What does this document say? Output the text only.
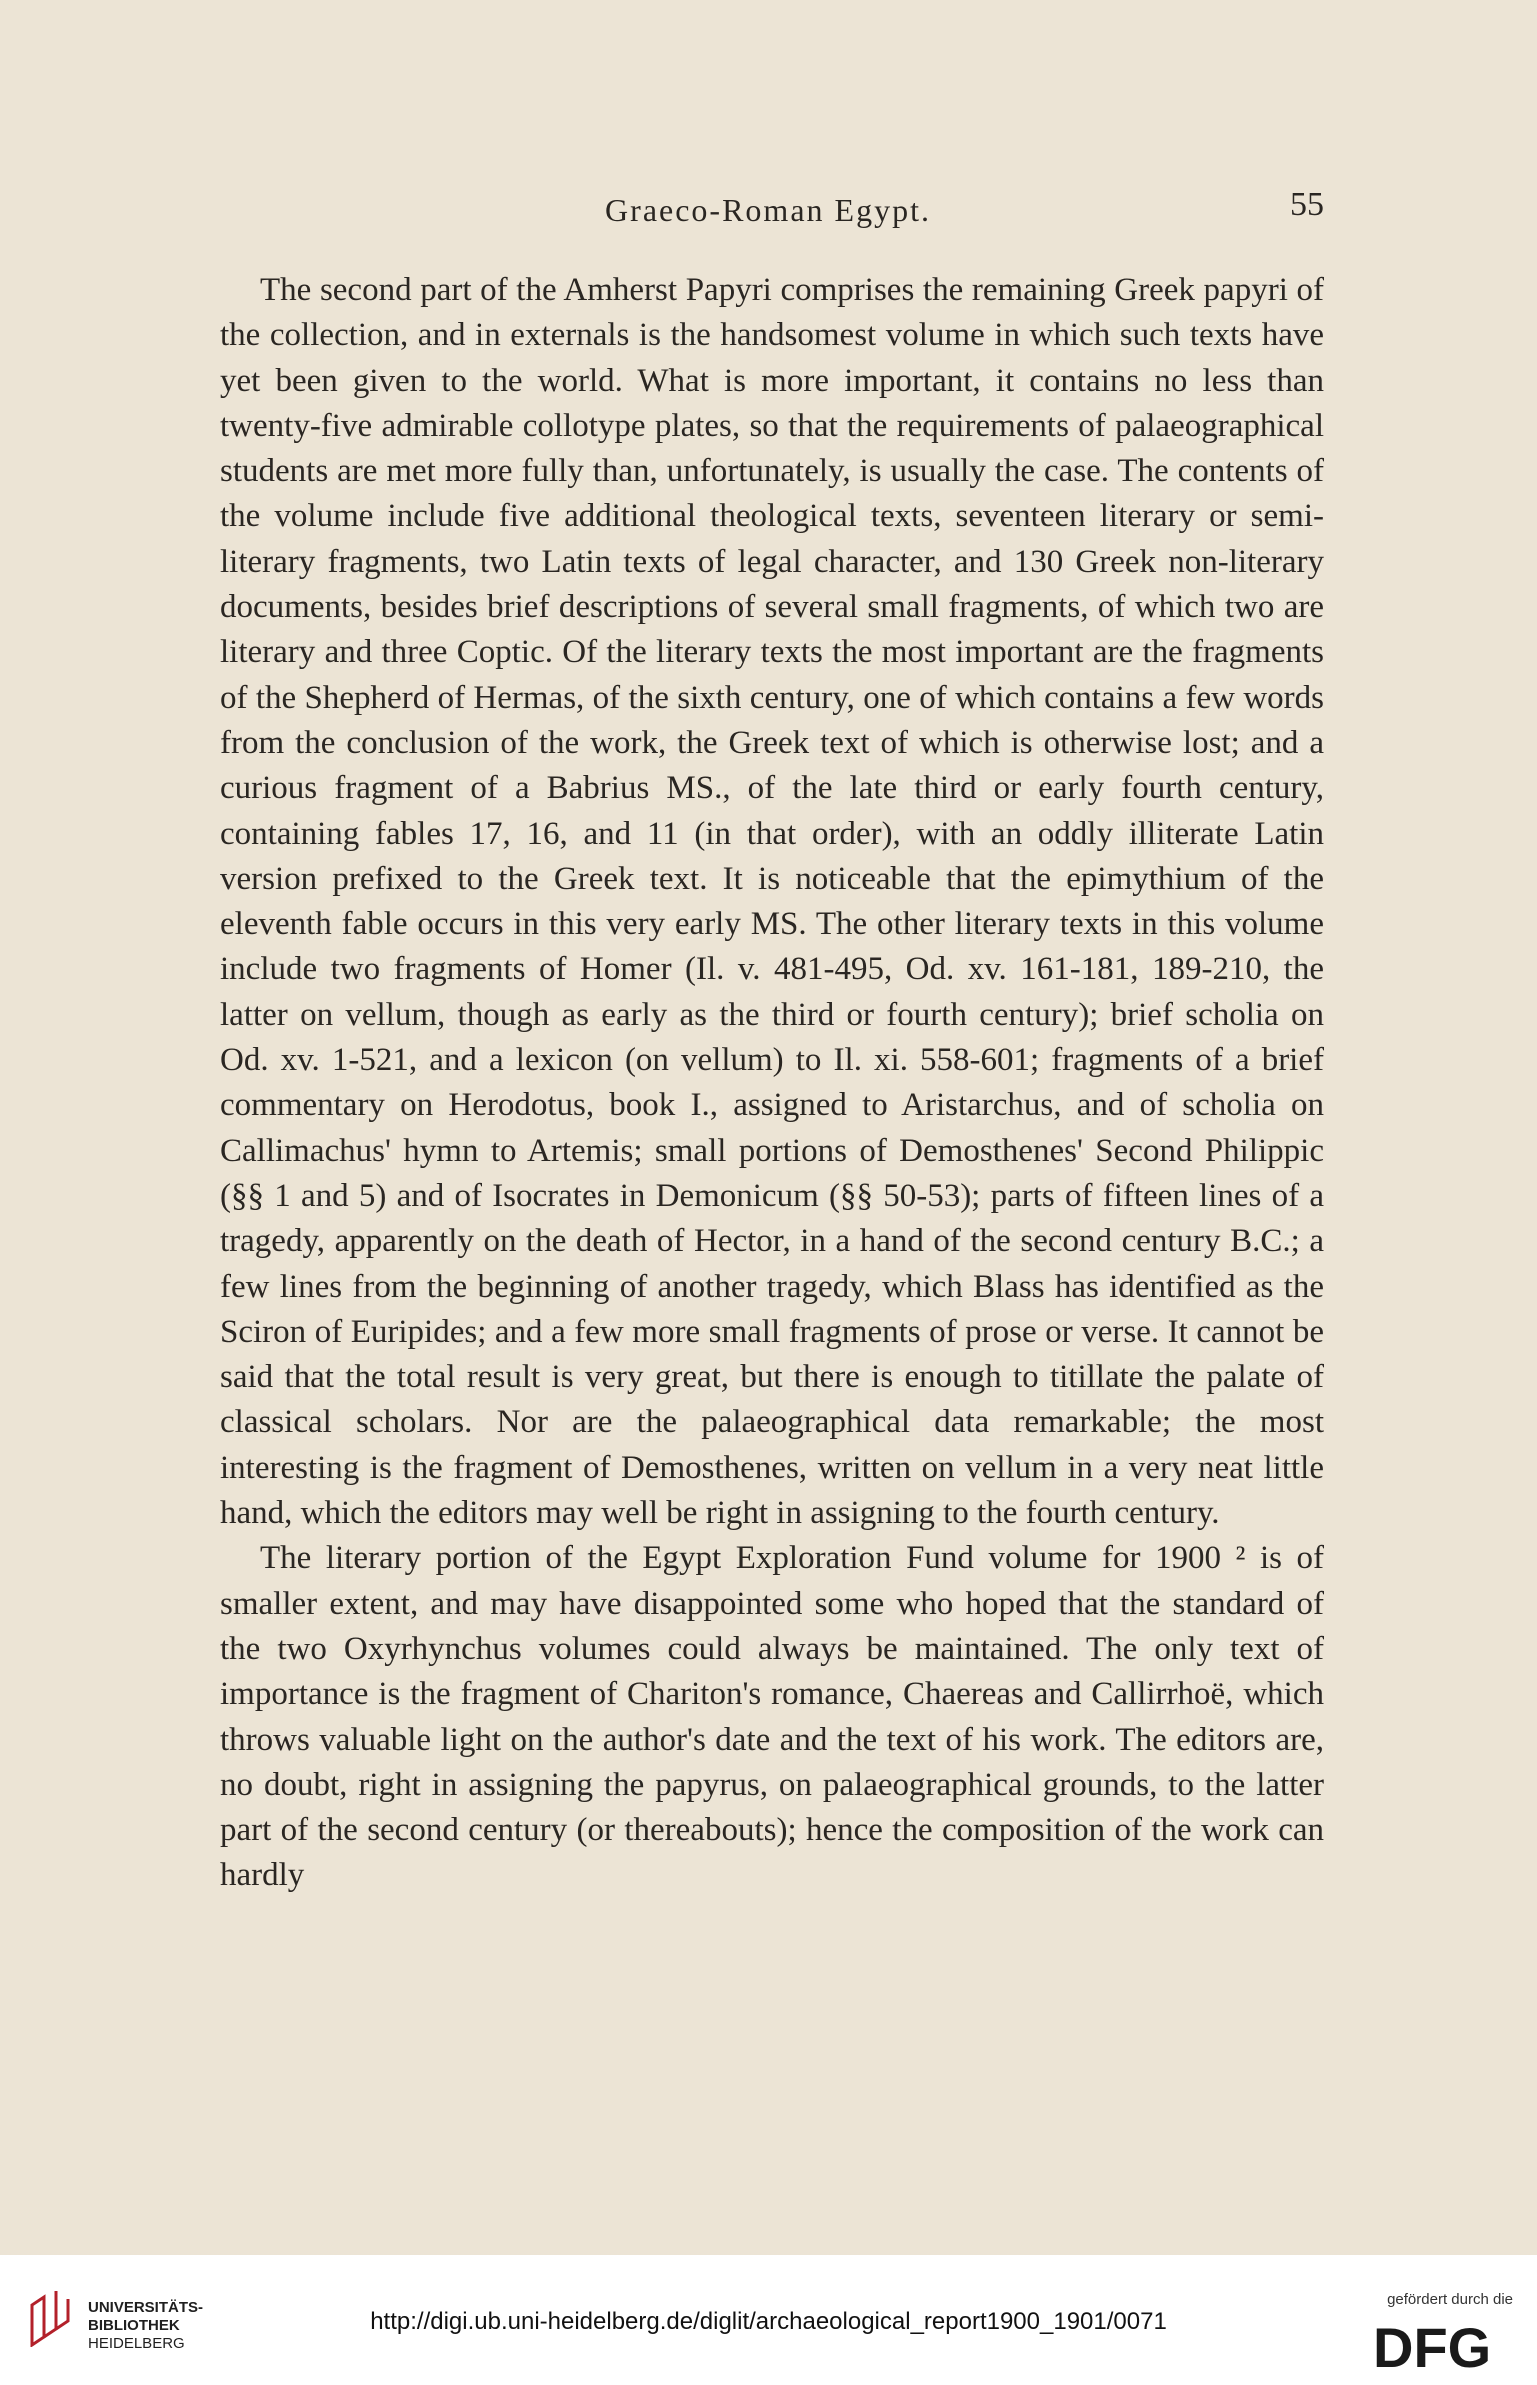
Graeco-Roman Egypt.	55

The second part of the Amherst Papyri comprises the remaining Greek papyri of the collection, and in externals is the handsomest volume in which such texts have yet been given to the world. What is more important, it contains no less than twenty-five admirable collotype plates, so that the requirements of palaeographical students are met more fully than, unfortunately, is usually the case. The contents of the volume include five additional theological texts, seventeen literary or semi-literary fragments, two Latin texts of legal character, and 130 Greek non-literary documents, besides brief descriptions of several small fragments, of which two are literary and three Coptic. Of the literary texts the most important are the fragments of the Shepherd of Hermas, of the sixth century, one of which contains a few words from the conclusion of the work, the Greek text of which is otherwise lost; and a curious fragment of a Babrius MS., of the late third or early fourth century, containing fables 17, 16, and 11 (in that order), with an oddly illiterate Latin version prefixed to the Greek text. It is noticeable that the epimythium of the eleventh fable occurs in this very early MS. The other literary texts in this volume include two fragments of Homer (Il. v. 481-495, Od. xv. 161-181, 189-210, the latter on vellum, though as early as the third or fourth century); brief scholia on Od. xv. 1-521, and a lexicon (on vellum) to Il. xi. 558-601; fragments of a brief commentary on Herodotus, book I., assigned to Aristarchus, and of scholia on Callimachus' hymn to Artemis; small portions of Demosthenes' Second Philippic (§§ 1 and 5) and of Isocrates in Demonicum (§§ 50-53); parts of fifteen lines of a tragedy, apparently on the death of Hector, in a hand of the second century B.C.; a few lines from the beginning of another tragedy, which Blass has identified as the Sciron of Euripides; and a few more small fragments of prose or verse. It cannot be said that the total result is very great, but there is enough to titillate the palate of classical scholars. Nor are the palaeographical data remarkable; the most interesting is the fragment of Demosthenes, written on vellum in a very neat little hand, which the editors may well be right in assigning to the fourth century.

The literary portion of the Egypt Exploration Fund volume for 1900 ² is of smaller extent, and may have disappointed some who hoped that the standard of the two Oxyrhynchus volumes could always be maintained. The only text of importance is the fragment of Chariton's romance, Chaereas and Callirrhoë, which throws valuable light on the author's date and the text of his work. The editors are, no doubt, right in assigning the papyrus, on palaeographical grounds, to the latter part of the second century (or thereabouts); hence the composition of the work can hardly

UNIVERSITÄTS-
BIBLIOTHEK
HEIDELBERG
http://digi.ub.uni-heidelberg.de/diglit/archaeological_report1900_1901/0071
gefördert durch die
DFG
